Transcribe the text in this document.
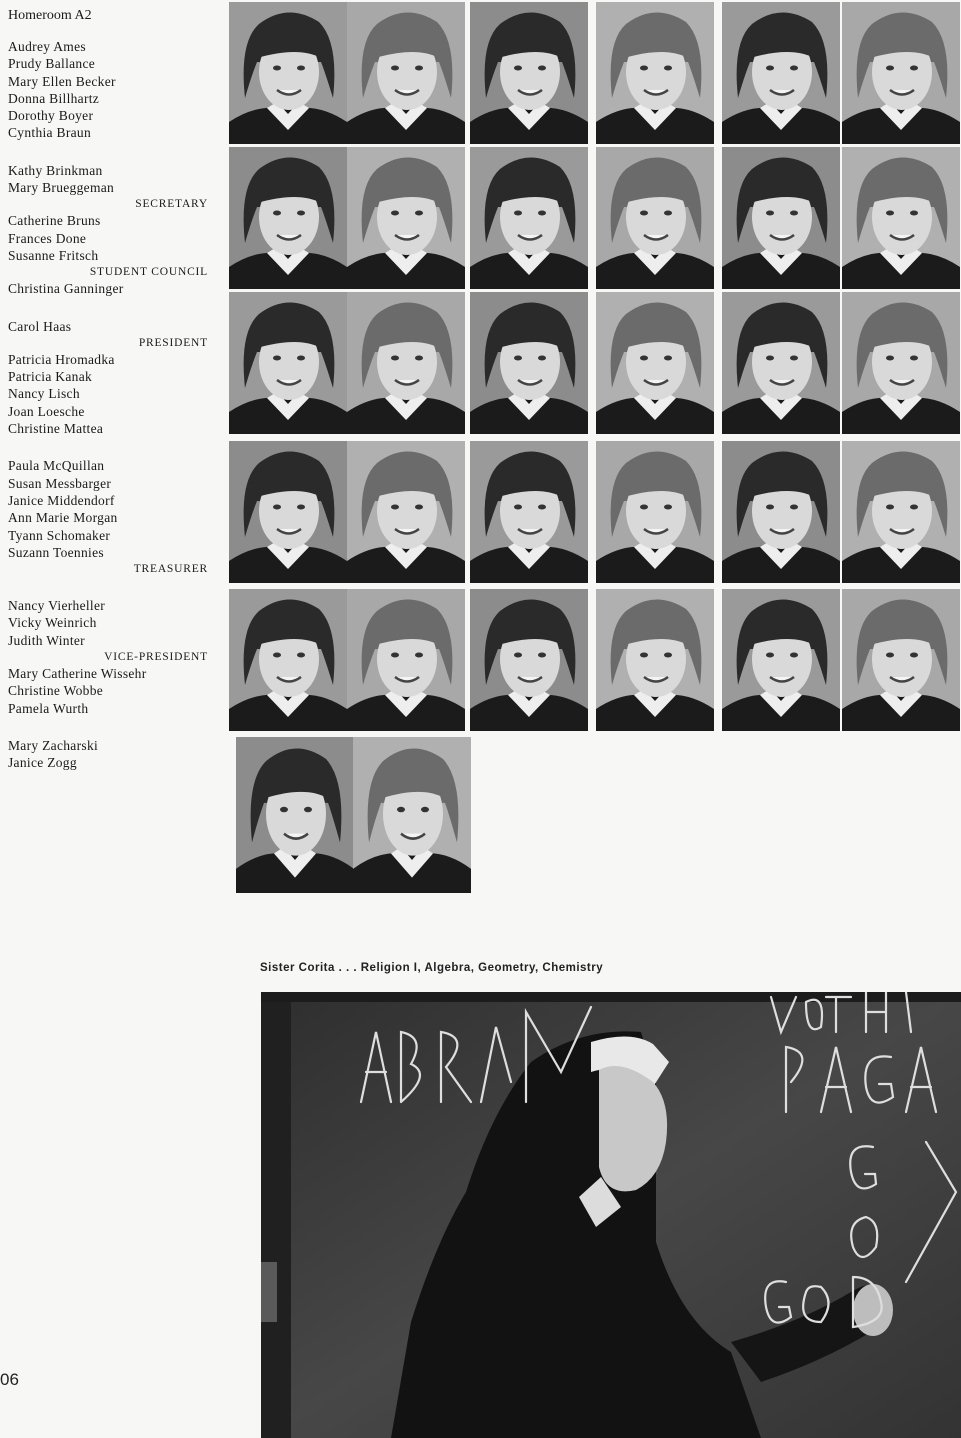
Homeroom A2
Audrey Ames
Prudy Ballance
Mary Ellen Becker
Donna Billhartz
Dorothy Boyer
Cynthia Braun
Kathy Brinkman
Mary Brueggeman
SECRETARY
Catherine Bruns
Frances Done
Susanne Fritsch
STUDENT COUNCIL
Christina Ganninger
Carol Haas
PRESIDENT
Patricia Hromadka
Patricia Kanak
Nancy Lisch
Joan Loesche
Christine Mattea
Paula McQuillan
Susan Messbarger
Janice Middendorf
Ann Marie Morgan
Tyann Schomaker
Suzann Toennies
TREASURER
Nancy Vierheller
Vicky Weinrich
Judith Winter
VICE-PRESIDENT
Mary Catherine Wissehr
Christine Wobbe
Pamela Wurth
Mary Zacharski
Janice Zogg
Sister Corita . . . Religion I, Algebra, Geometry, Chemistry
06
